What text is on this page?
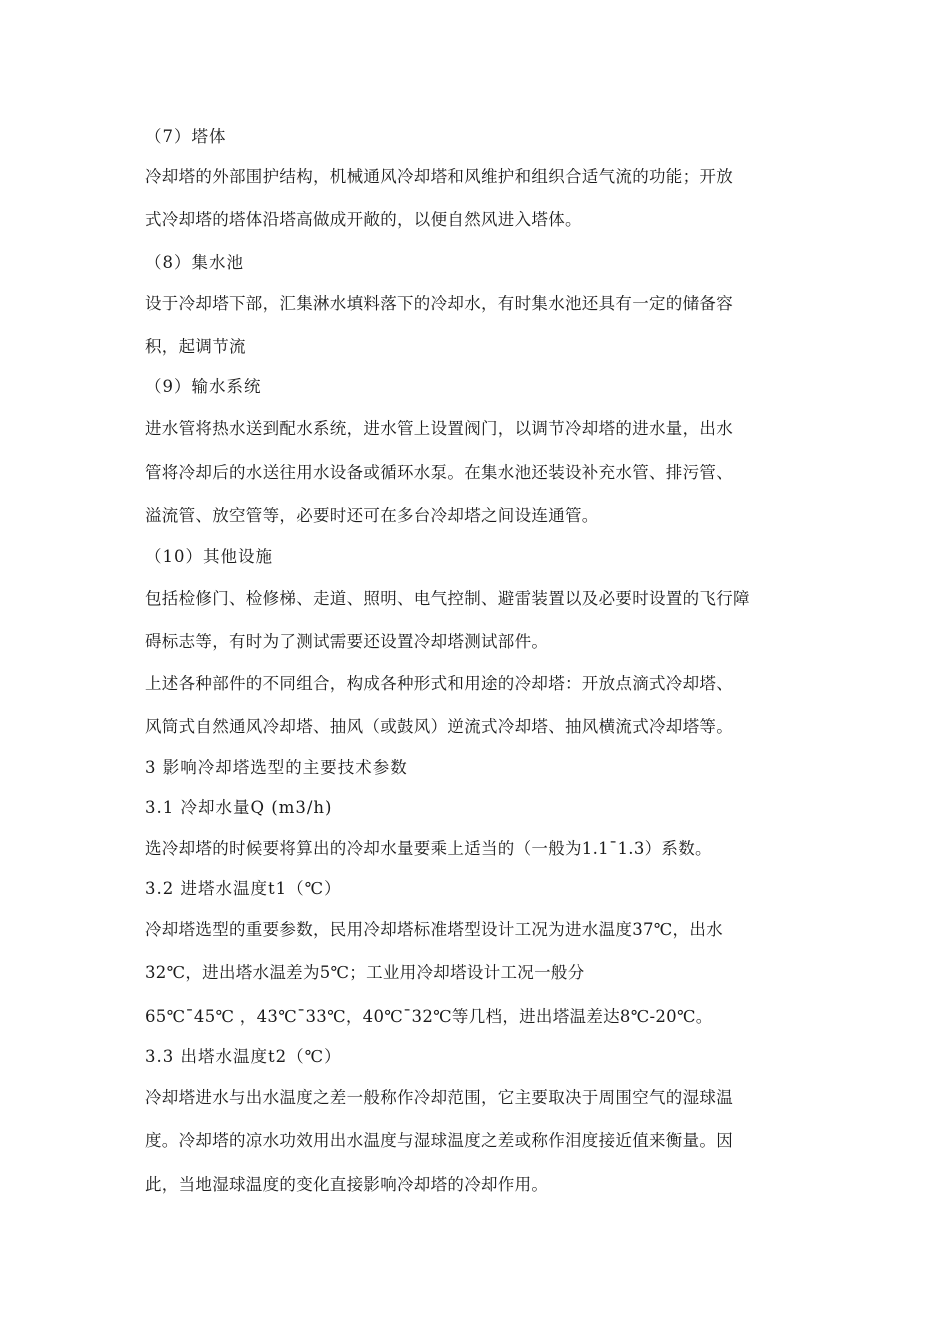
（7）塔体

冷却塔的外部围护结构，机械通风冷却塔和风维护和组织合适气流的功能；开放

式冷却塔的塔体沿塔高做成开敞的，以便自然风进入塔体。

（8）集水池

设于冷却塔下部，汇集淋水填料落下的冷却水，有时集水池还具有一定的储备容

积，起调节流

（9）输水系统

进水管将热水送到配水系统，进水管上设置阀门，以调节冷却塔的进水量，出水

管将冷却后的水送往用水设备或循环水泵。在集水池还装设补充水管、排污管、

溢流管、放空管等，必要时还可在多台冷却塔之间设连通管。

（10）其他设施

包括检修门、检修梯、走道、照明、电气控制、避雷装置以及必要时设置的飞行障

碍标志等，有时为了测试需要还设置冷却塔测试部件。

上述各种部件的不同组合，构成各种形式和用途的冷却塔：开放点滴式冷却塔、

风筒式自然通风冷却塔、抽风（或鼓风）逆流式冷却塔、抽风横流式冷却塔等。

3 影响冷却塔选型的主要技术参数

3.1 冷却水量Q (m3/h)

选冷却塔的时候要将算出的冷却水量要乘上适当的（一般为1.1¯1.3）系数。

3.2 进塔水温度t1（℃）

冷却塔选型的重要参数，民用冷却塔标准塔型设计工况为进水温度37℃，出水

32℃，进出塔水温差为5℃；工业用冷却塔设计工况一般分

65℃¯45℃ ，43℃¯33℃，40℃¯32℃等几档，进出塔温差达8℃-20℃。

3.3 出塔水温度t2（℃）

冷却塔进水与出水温度之差一般称作冷却范围，它主要取决于周围空气的湿球温

度。冷却塔的凉水功效用出水温度与湿球温度之差或称作泪度接近值来衡量。因

此，当地湿球温度的变化直接影响冷却塔的冷却作用。
